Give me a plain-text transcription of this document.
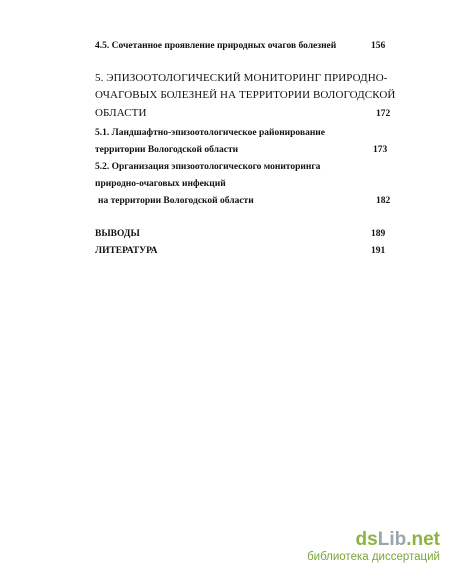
4.5. Сочетанное проявление природных очагов болезней	156
5. ЭПИЗООТОЛОГИЧЕСКИЙ МОНИТОРИНГ ПРИРОДНО-
ОЧАГОВЫХ БОЛЕЗНЕЙ НА ТЕРРИТОРИИ ВОЛОГОДСКОЙ
ОБЛАСТИ	172
5.1. Ландшафтно-эпизоотологическое районирование
территории Вологодской области	173
5.2. Организация эпизоотологического мониторинга
природно-очаговых инфекций
на территории Вологодской области	182
ВЫВОДЫ	189
ЛИТЕРАТУРА	191
dsLib.net
библиотека диссертаций
